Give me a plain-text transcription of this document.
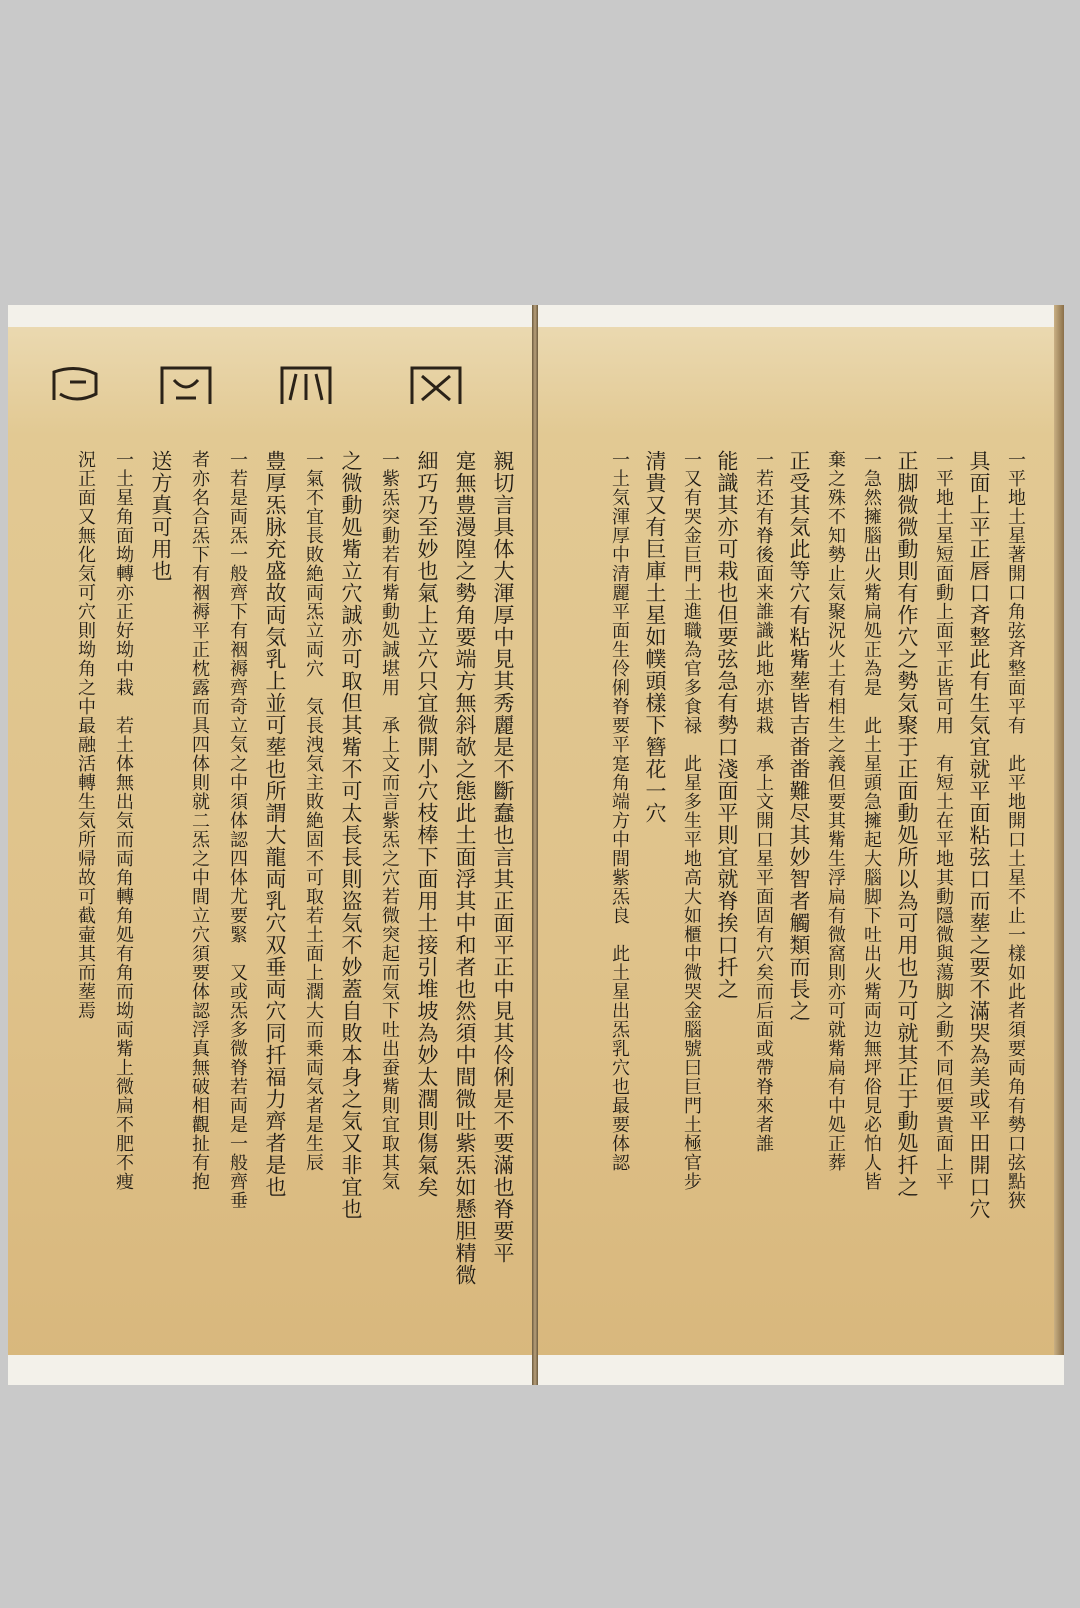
親切言具体大渾厚中見其秀麗是不斷蠢也言其正面平正中見其伶俐是不要滿也脊要平
寔無豊漫隍之勢角要端方無斜欹之態此土面浮其中和者也然須中間微吐紫炁如懸胆精微
細巧乃至妙也氣上立穴只宜微開小穴枝棒下面用土接引堆坡為妙太濶則傷氣矣
一紫炁突動若有觜動処誠堪用　承上文而言紫炁之穴若微突起而気下吐出蚕觜則宜取其気
之微動処觜立穴誠亦可取但其觜不可太長長則盗気不妙蓋自敗本身之気又非宜也
一氣不宜長敗絶両炁立両穴　気長洩気主敗絶固不可取若土面上濶大而乗両気者是生辰
豊厚炁脉充盛故両気乳上並可塟也所謂大龍両乳穴双垂両穴同扦福力齊者是也
一若是両炁一般齊下有裀褥齊奇立気之中須体認四体尤要緊　又或炁多微脊若両是一般齊垂
者亦名合炁下有裀褥平正枕露而具四体則就二炁之中間立穴須要体認浮真無破相觀扯有抱
送方真可用也
一土星角面坳轉亦正好坳中栽　若土体無出気而両角轉角処有角而坳両觜上微扁不肥不痩
況正面又無化気可穴則坳角之中最融活轉生気所帰故可截壷其而塟焉	一平地土星著開口角弦斉整面平有　此平地開口土星不止一樣如此者須要両角有勢口弦點狹
具面上平正唇口斉整此有生気宜就平面粘弦口而塟之要不滿哭為美或平田開口穴
一平地土星短面動上面平正皆可用　有短土在平地其動隱微與蕩脚之動不同但要貴面上平
正脚微微動則有作穴之勢気聚于正面動処所以為可用也乃可就其正于動処扦之
一急然擁腦出火觜扁処正為是　此土星頭急擁起大腦脚下吐出火觜両边無坪俗見必怕人皆
棄之殊不知勢止気聚況火土有相生之義但要其觜生浮扁有微窩則亦可就觜扁有中処正葬
正受其気此等穴有粘觜塟皆吉畨畨難尽其妙智者觸類而長之
一若还有脊後面来誰識此地亦堪栽　承上文開口星平面固有穴矣而后面或帶脊來者誰
能識其亦可栽也但要弦急有勢口淺面平則宜就脊挨口扦之
一又有哭金巨門土進職為官多食禄　此星多生平地高大如櫃中微哭金腦號曰巨門土極官步
清貴又有巨庫土星如幞頭樣下簪花一穴
一土気渾厚中清麗平面生伶俐脊要平寔角端方中間紫炁良　此土星出炁乳穴也最要体認
